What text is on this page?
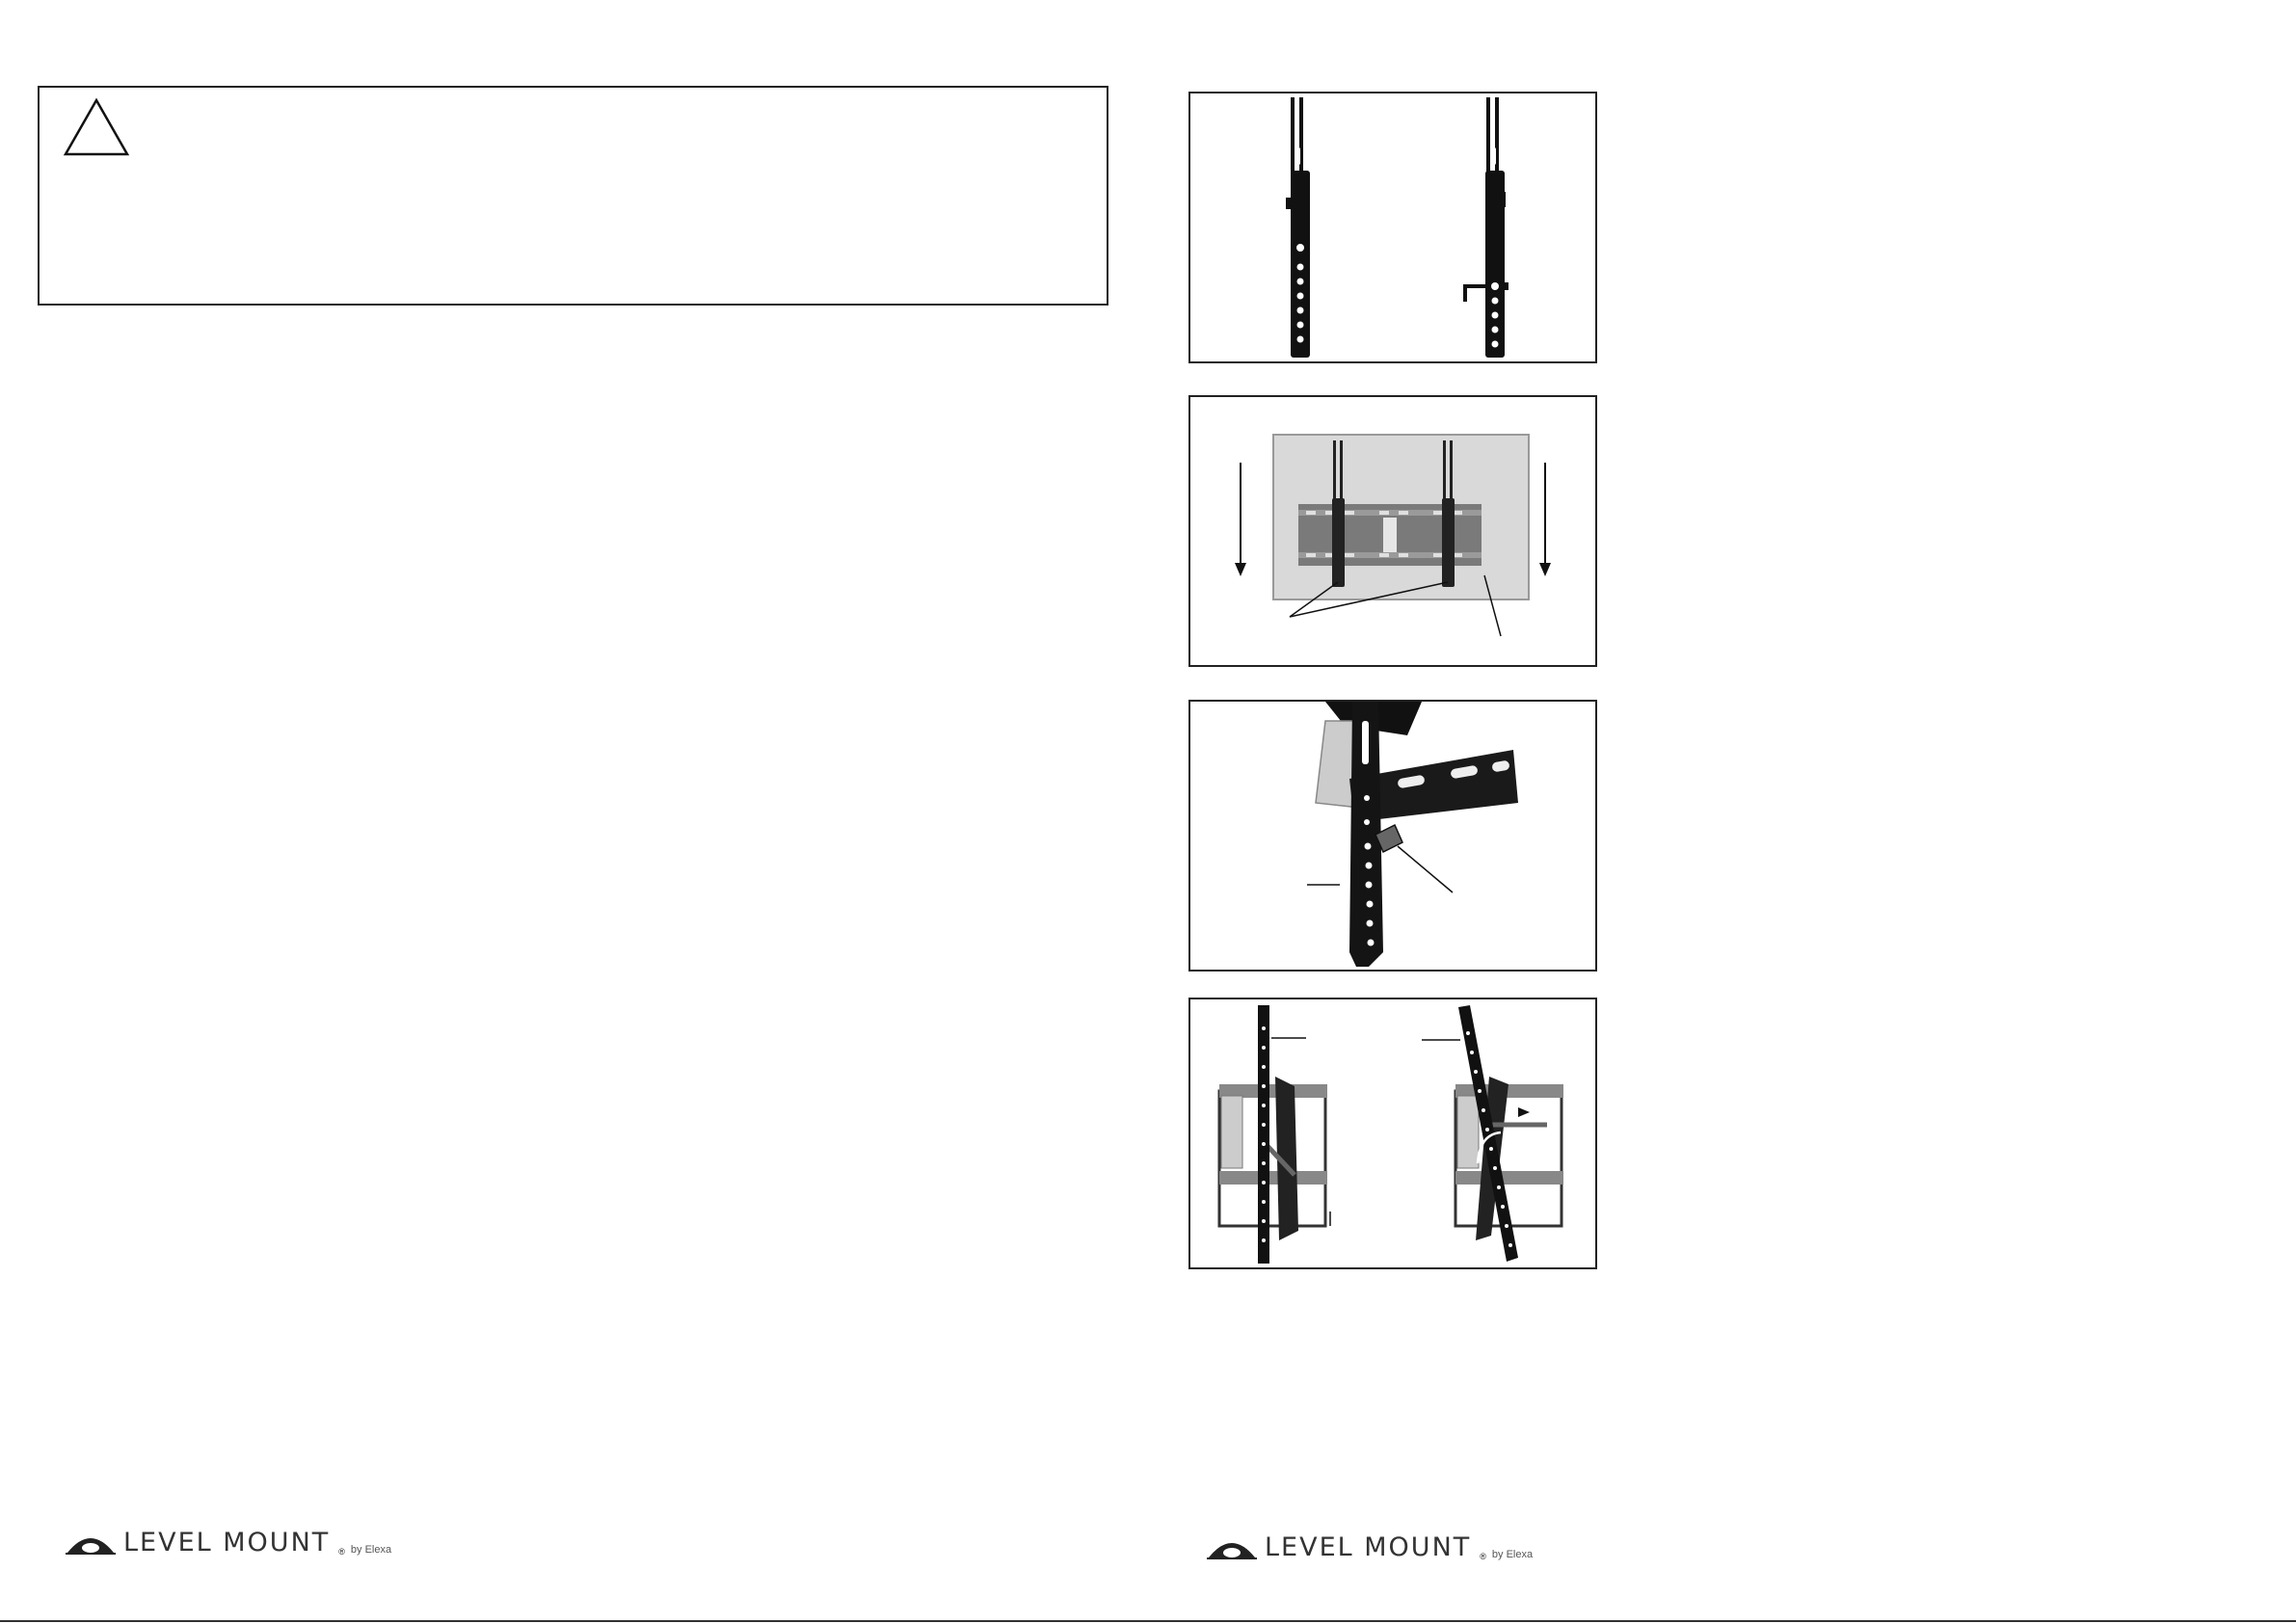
LEVEL MOUNT ® by Elexa	LEVEL MOUNT ® by Elexa
